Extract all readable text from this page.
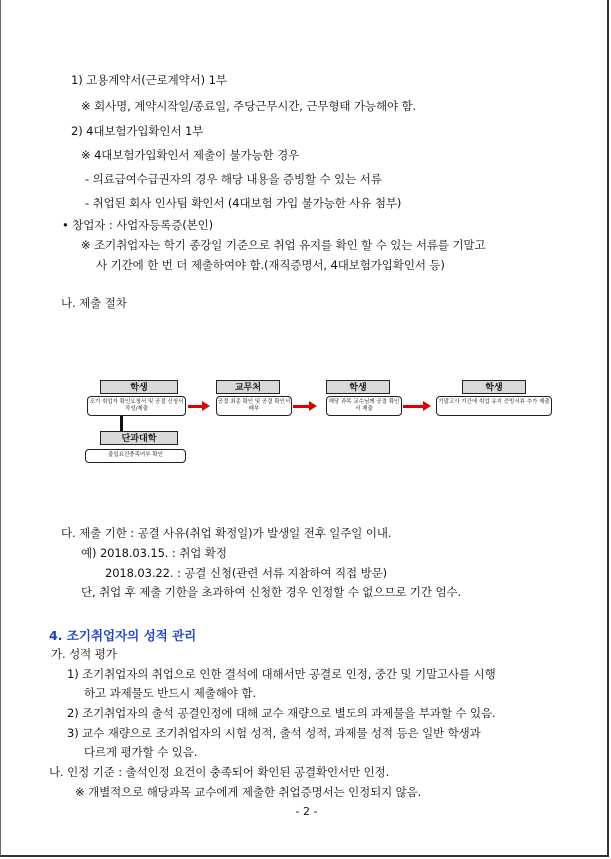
1) 고용계약서(근로계약서) 1부
※ 회사명, 계약시작일/종료일, 주당근무시간, 근무형태 가능해야 함.
2) 4대보험가입확인서 1부
※ 4대보험가입확인서 제출이 불가능한 경우
- 의료급여수급권자의 경우 해당 내용을 증빙할 수 있는 서류
- 취업된 회사 인사팀 확인서 (4대보험 가입 불가능한 사유 첨부)
• 창업자 : 사업자등록증(본인)
※ 조기취업자는 학기 종강일 기준으로 취업 유지를 확인 할 수 있는 서류를 기말고
사 기간에 한 번 더 제출하여야 함.(재직증명서, 4대보험가입확인서 등)
나. 제출 절차
학생
조기 취업자 확인요청서 및 공결 신청서 작성/제출
교무처
공결 최종 확인 및 공결 확인서 배부
학생
해당 과목 교수님께 공결 확인서 제출
학생
기말고사 기간에 취업 유지 증빙서류 추가 제출
단과대학
출입요건충족여부 확인
다. 제출 기한 : 공결 사유(취업 확정일)가 발생일 전후 일주일 이내.
예) 2018.03.15. : 취업 확정
2018.03.22. : 공결 신청(관련 서류 지참하여 직접 방문)
단, 취업 후 제출 기한을 초과하여 신청한 경우 인정할 수 없으므로 기간 엄수.
4. 조기취업자의 성적 관리
가. 성적 평가
1) 조기취업자의 취업으로 인한 결석에 대해서만 공결로 인정, 중간 및 기말고사를 시행
하고 과제물도 반드시 제출해야 함.
2) 조기취업자의 출석 공결인정에 대해 교수 재량으로 별도의 과제물을 부과할 수 있음.
3) 교수 재량으로 조기취업자의 시험 성적, 출석 성적, 과제물 성적 등은 일반 학생과
다르게 평가할 수 있음.
나. 인정 기준 : 출석인정 요건이 충족되어 확인된 공결확인서만 인정.
※ 개별적으로 해당과목 교수에게 제출한 취업증명서는 인정되지 않음.
- 2 -
